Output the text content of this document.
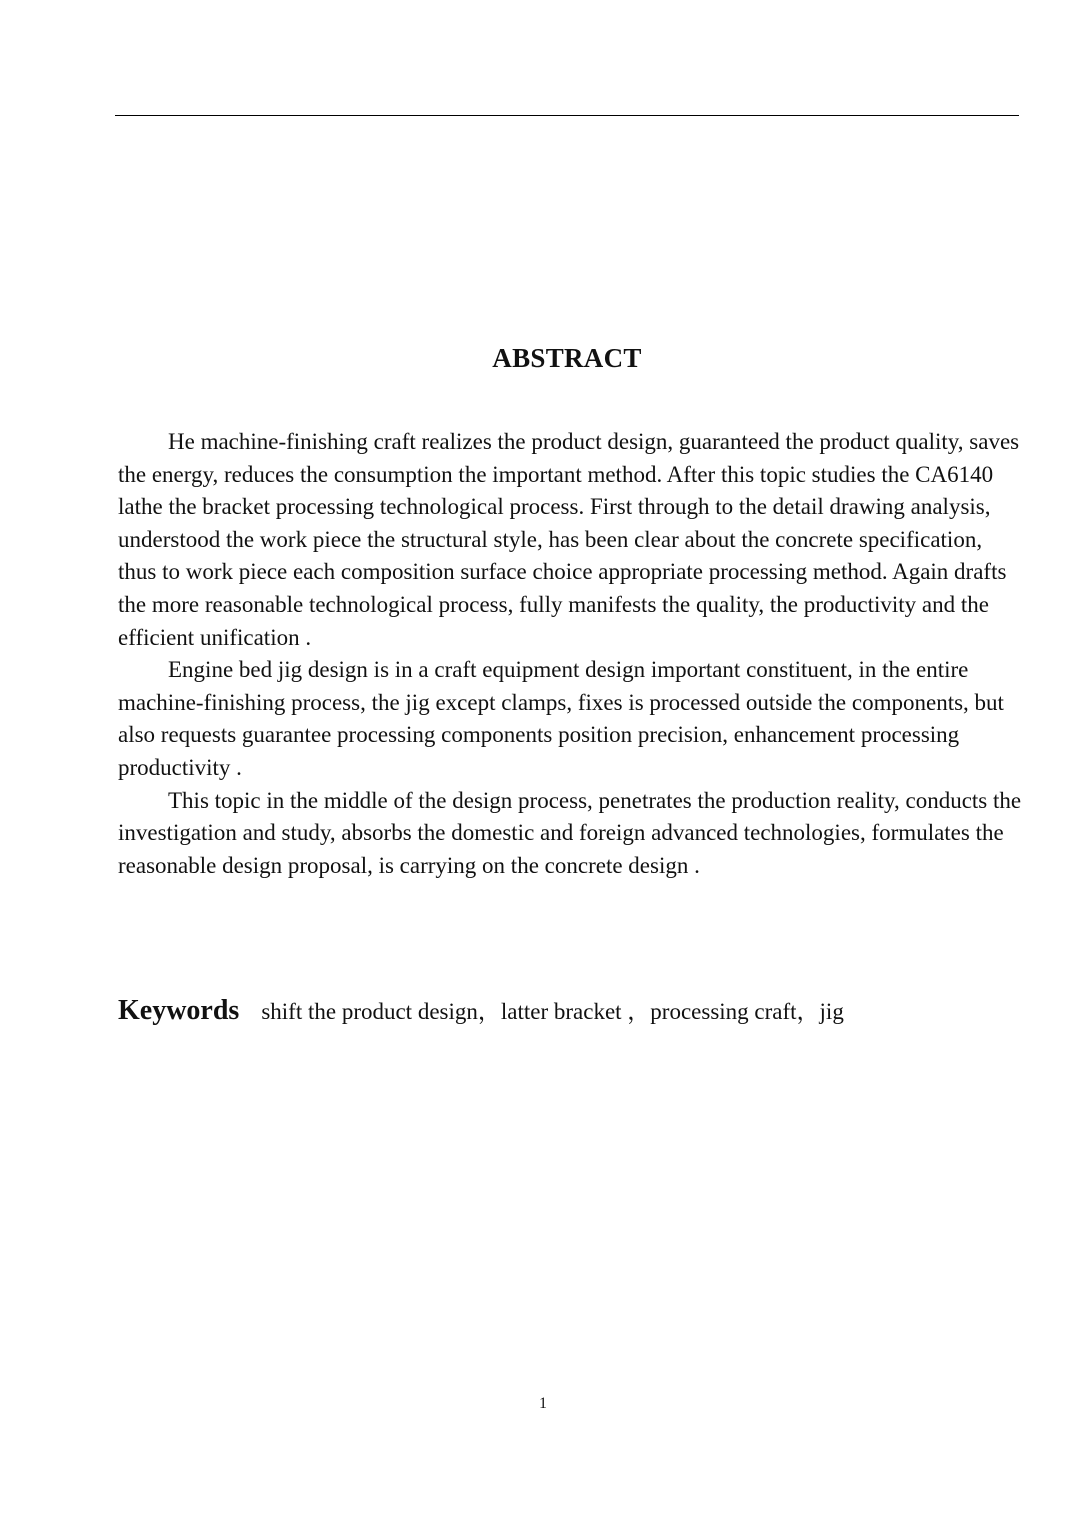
ABSTRACT

He machine-finishing craft realizes the product design, guaranteed the product quality, saves the energy, reduces the consumption the important method. After this topic studies the CA6140 lathe the bracket processing technological process. First through to the detail drawing analysis, understood the work piece the structural style, has been clear about the concrete specification, thus to work piece each composition surface choice appropriate processing method. Again drafts the more reasonable technological process, fully manifests the quality, the productivity and the efficient unification .

Engine bed jig design is in a craft equipment design important constituent, in the entire machine-finishing process, the jig except clamps, fixes is processed outside the components, but also requests guarantee processing components position precision, enhancement processing productivity .

This topic in the middle of the design process, penetrates the production reality, conducts the investigation and study, absorbs the domestic and foreign advanced technologies, formulates the reasonable design proposal, is carrying on the concrete design .

Keywords shift the product design，latter bracket ，processing craft，jig
1
